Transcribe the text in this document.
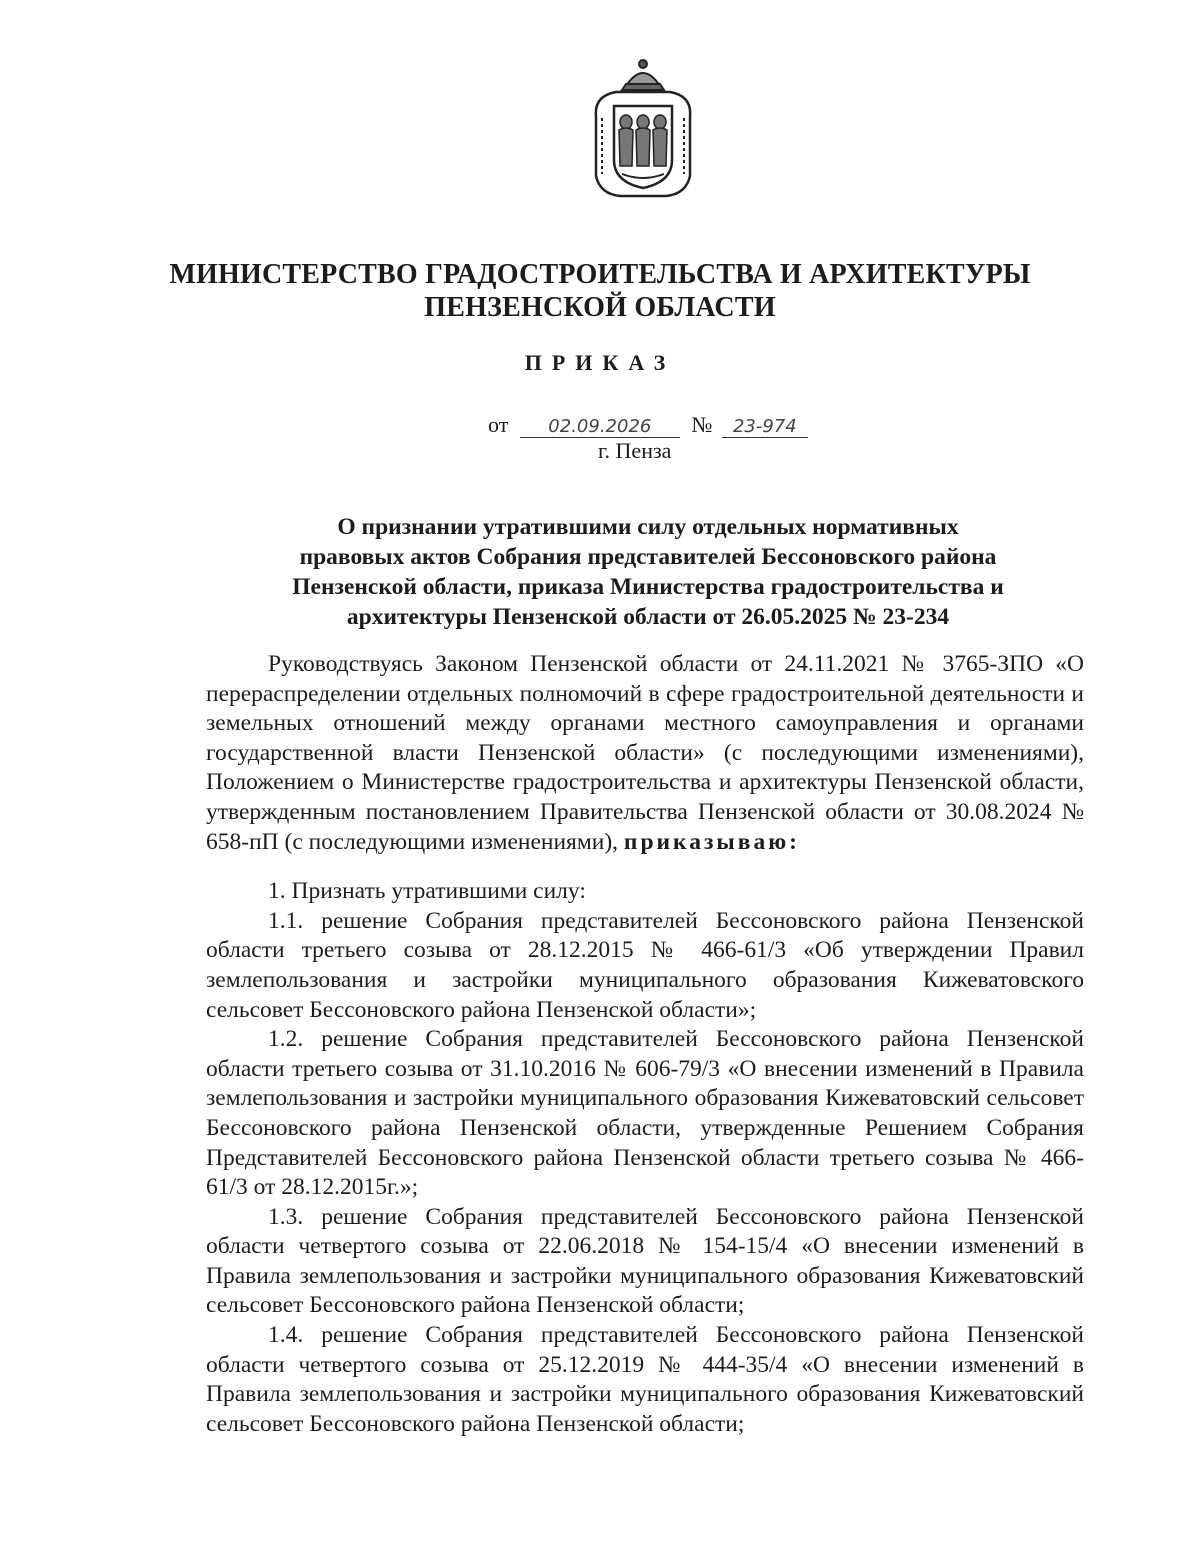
МИНИСТЕРСТВО ГРАДОСТРОИТЕЛЬСТВА И АРХИТЕКТУРЫ
ПЕНЗЕНСКОЙ ОБЛАСТИ
ПРИКАЗ
от 02.09.2026 № 23-974
г. Пенза
О признании утратившими силу отдельных нормативных
правовых актов Собрания представителей Бессоновского района
Пензенской области, приказа Министерства градостроительства и
архитектуры Пензенской области от 26.05.2025 № 23-234

Руководствуясь Законом Пензенской области от 24.11.2021 № 3765-ЗПО «О перераспределении отдельных полномочий в сфере градостроительной деятельности и земельных отношений между органами местного самоуправления и органами государственной власти Пензенской области» (с последующими изменениями), Положением о Министерстве градостроительства и архитектуры Пензенской области, утвержденным постановлением Правительства Пензенской области от 30.08.2024 № 658-пП (с последующими изменениями), приказываю:

1. Признать утратившими силу:

1.1. решение Собрания представителей Бессоновского района Пензенской области третьего созыва от 28.12.2015 № 466-61/3 «Об утверждении Правил землепользования и застройки муниципального образования Кижеватовского сельсовет Бессоновского района Пензенской области»;

1.2. решение Собрания представителей Бессоновского района Пензенской области третьего созыва от 31.10.2016 № 606-79/3 «О внесении изменений в Правила землепользования и застройки муниципального образования Кижеватовский сельсовет Бессоновского района Пензенской области, утвержденные Решением Собрания Представителей Бессоновского района Пензенской области третьего созыва № 466-61/3 от 28.12.2015г.»;

1.3. решение Собрания представителей Бессоновского района Пензенской области четвертого созыва от 22.06.2018 № 154-15/4 «О внесении изменений в Правила землепользования и застройки муниципального образования Кижеватовский сельсовет Бессоновского района Пензенской области;

1.4. решение Собрания представителей Бессоновского района Пензенской области четвертого созыва от 25.12.2019 № 444-35/4 «О внесении изменений в Правила землепользования и застройки муниципального образования Кижеватовский сельсовет Бессоновского района Пензенской области;
